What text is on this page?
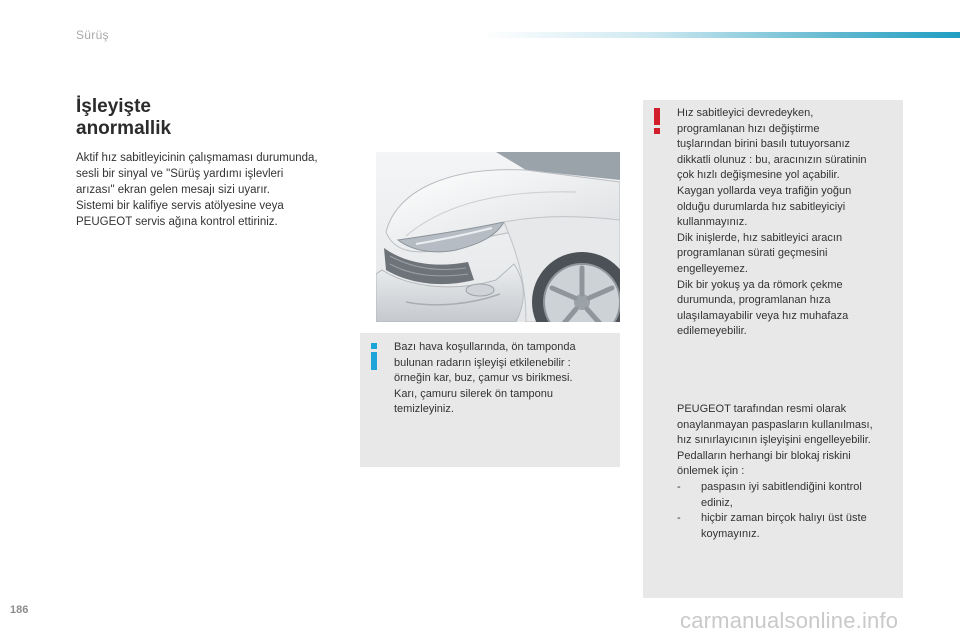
Sürüş
İşleyişte
anormallik

Aktif hız sabitleyicinin çalışmaması durumunda,

sesli bir sinyal ve "Sürüş yardımı işlevleri

arızası" ekran gelen mesajı sizi uyarır.

Sistemi bir kalifiye servis atölyesine veya

PEUGEOT servis ağına kontrol ettiriniz.

Bazı hava koşullarında, ön tamponda

bulunan radarın işleyişi etkilenebilir :

örneğin kar, buz, çamur vs birikmesi.

Karı, çamuru silerek ön tamponu

temizleyiniz.

Hız sabitleyici devredeyken,

programlanan hızı değiştirme

tuşlarından birini basılı tutuyorsanız

dikkatli olunuz : bu, aracınızın süratinin

çok hızlı değişmesine yol açabilir.

Kaygan yollarda veya trafiğin yoğun

olduğu durumlarda hız sabitleyiciyi

kullanmayınız.

Dik inişlerde, hız sabitleyici aracın

programlanan sürati geçmesini

engelleyemez.

Dik bir yokuş ya da römork çekme

durumunda, programlanan hıza

ulaşılamayabilir veya hız muhafaza

edilemeyebilir.

PEUGEOT tarafından resmi olarak

onaylanmayan paspasların kullanılması,

hız sınırlayıcının işleyişini engelleyebilir.

Pedalların herhangi bir blokaj riskini

önlemek için :

- paspasın iyi sabitlendiğini kontrol
ediniz,
- hiçbir zaman birçok halıyı üst üste
koymayınız.
186	carmanualsonline.info
